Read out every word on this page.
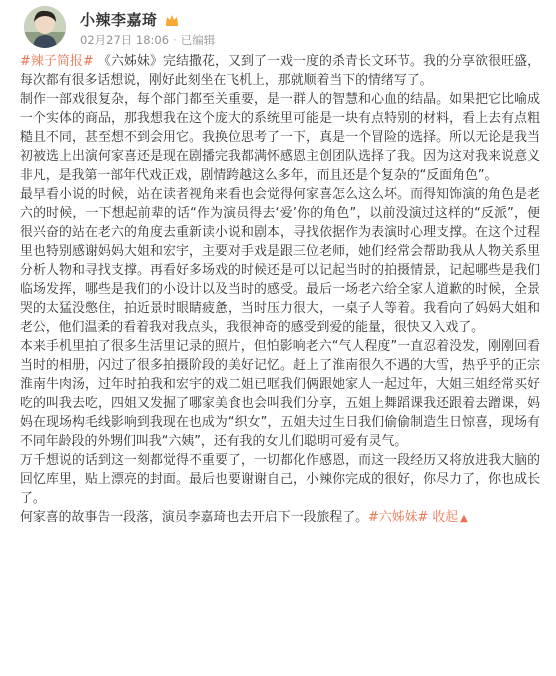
小辣李嘉琦
02月27日 18:06 · 已编辑

#辣子简报# 《六姊妹》完结撒花，又到了一戏一度的杀青长文环节。我的分享欲很旺盛，每次都有很多话想说，刚好此刻坐在飞机上，那就顺着当下的情绪写了。

制作一部戏很复杂，每个部门都至关重要，是一群人的智慧和心血的结晶。如果把它比喻成一个实体的商品，那我想我在这个庞大的系统里可能是一块有点特别的材料，看上去有点粗糙且不同，甚至想不到会用它。我换位思考了一下，真是一个冒险的选择。所以无论是我当初被选上出演何家喜还是现在剧播完我都满怀感恩主创团队选择了我。因为这对我来说意义非凡，是我第一部年代戏正戏，剧情跨越这么多年，而且还是个复杂的“反面角色”。

最早看小说的时候，站在读者视角来看也会觉得何家喜怎么这么坏。而得知饰演的角色是老六的时候，一下想起前辈的话“作为演员得去‘爱’你的角色”，以前没演过这样的“反派”，便很兴奋的站在老六的角度去重新读小说和剧本，寻找依据作为表演时心理支撑。在这个过程里也特别感谢妈妈大姐和宏宇，主要对手戏是跟三位老师，她们经常会帮助我从人物关系里分析人物和寻找支撑。再看好多场戏的时候还是可以记起当时的拍摄情景，记起哪些是我们临场发挥，哪些是我们的小设计以及当时的感受。最后一场老六给全家人道歉的时候，全景哭的太猛没憋住，拍近景时眼睛疲惫，当时压力很大，一桌子人等着。我看向了妈妈大姐和老公，他们温柔的看着我对我点头，我很神奇的感受到爱的能量，很快又入戏了。

本来手机里拍了很多生活里记录的照片，但怕影响老六“气人程度”一直忍着没发，刚刚回看当时的相册，闪过了很多拍摄阶段的美好记忆。赶上了淮南很久不遇的大雪，热乎乎的正宗淮南牛肉汤，过年时拍我和宏宇的戏二姐已哐我们俩跟她家人一起过年，大姐三姐经常买好吃的叫我去吃，四姐又发掘了哪家美食也会叫我们分享，五姐上舞蹈课我还跟着去蹭课，妈妈在现场构毛线影响到我现在也成为“织女”，五姐夫过生日我们偷偷制造生日惊喜，现场有不同年龄段的外甥们叫我“六姨”，还有我的女儿们聪明可爱有灵气。

万千想说的话到这一刻都觉得不重要了，一切都化作感恩，而这一段经历又将放进我大脑的回忆库里，贴上漂亮的封面。最后也要谢谢自己，小辣你完成的很好，你尽力了，你也成长了。

何家喜的故事告一段落，演员李嘉琦也去开启下一段旅程了。#六姊妹# 收起 ▲
